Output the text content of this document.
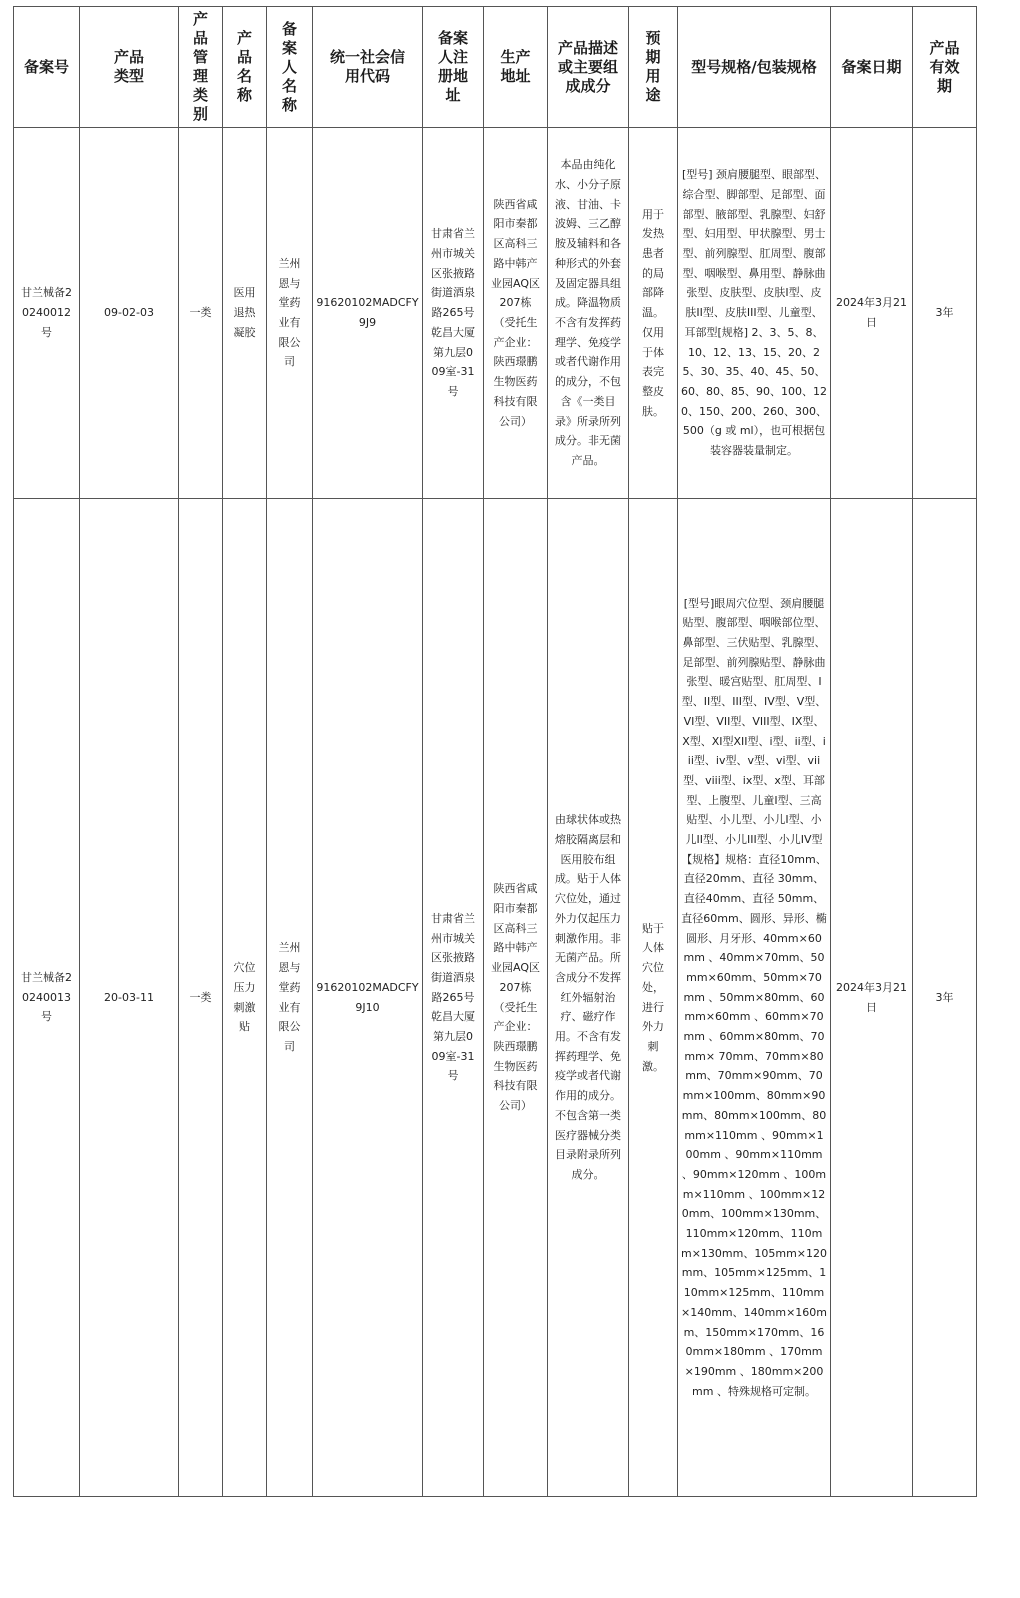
备案号	产品类型	产品管理类别	产品名称	备案人名称	统一社会信用代码	备案人注册地址	生产地址	产品描述或主要组成成分	预期用途	型号规格/包装规格	备案日期	产品有效期
甘兰械备20240012号	09-02-03	一类	医用退热凝胶	兰州恩与堂药业有限公司	91620102MADCFY9J9	甘肃省兰州市城关区张掖路街道酒泉路265号乾昌大厦第九层009室-31号	陕西省咸阳市秦都区高科三路中韩产业园AQ区207栋（受托生产企业：陕西璟鹏生物医药科技有限公司）	本品由纯化水、小分子原液、甘油、卡波姆、三乙醇胺及辅料和各种形式的外套及固定器具组成。降温物质不含有发挥药理学、免疫学或者代谢作用的成分，不包含《一类目录》所录所列成分。非无菌产品。	用于发热患者的局部降温。仅用于体表完整皮肤。	[型号] 颈肩腰腿型、眼部型、综合型、脚部型、足部型、面部型、腋部型、乳腺型、妇舒型、妇用型、甲状腺型、男士型、前列腺型、肛周型、腹部型、咽喉型、鼻用型、静脉曲张型、皮肤型、皮肤I型、皮肤II型、皮肤III型、儿童型、耳部型[规格] 2、3、5、8、10、12、13、15、20、25、30、35、40、45、50、60、80、85、90、100、120、150、200、260、300、500（g 或 ml），也可根据包装容器装量制定。	2024年3月21日	3年
甘兰械备20240013号	20-03-11	一类	穴位压力刺激贴	兰州恩与堂药业有限公司	91620102MADCFY9J10	甘肃省兰州市城关区张掖路街道酒泉路265号乾昌大厦第九层009室-31号	陕西省咸阳市秦都区高科三路中韩产业园AQ区207栋（受托生产企业：陕西璟鹏生物医药科技有限公司）	由球状体或热熔胶隔离层和医用胶布组成。贴于人体穴位处，通过外力仅起压力刺激作用。非无菌产品。所含成分不发挥红外辐射治疗、磁疗作用。不含有发挥药理学、免疫学或者代谢作用的成分。不包含第一类医疗器械分类目录附录所列成分。	贴于人体穴位处，进行外力刺激。	[型号]眼周穴位型、颈肩腰腿贴型、腹部型、咽喉部位型、鼻部型、三伏贴型、乳腺型、足部型、前列腺贴型、静脉曲张型、暖宫贴型、肛周型、I型、II型、III型、IV型、V型、VI型、VII型、VIII型、IX型、X型、XI型XII型、i型、ii型、iii型、iv型、v型、vi型、vii型、viii型、ix型、x型、耳部型、上腹型、儿童I型、三高贴型、小儿型、小儿I型、小儿II型、小儿III型、小儿IV型【规格】规格：直径10mm、直径20mm、直径 30mm、直径40mm、直径 50mm、直径60mm、圆形、异形、椭圆形、月牙形、40mm×60mm 、40mm×70mm、50mm×60mm、50mm×70mm 、50mm×80mm、60mm×60mm 、60mm×70mm 、60mm×80mm、70mm× 70mm、70mm×80mm、70mm×90mm、70mm×100mm、80mm×90mm、80mm×100mm、80mm×110mm 、90mm×100mm 、90mm×110mm 、90mm×120mm 、100mm×110mm 、100mm×120mm、100mm×130mm、110mm×120mm、110mm×130mm、105mm×120mm、105mm×125mm、110mm×125mm、110mm×140mm、140mm×160mm、150mm×170mm、160mm×180mm 、170mm×190mm 、180mm×200mm 、特殊规格可定制。	2024年3月21日	3年
